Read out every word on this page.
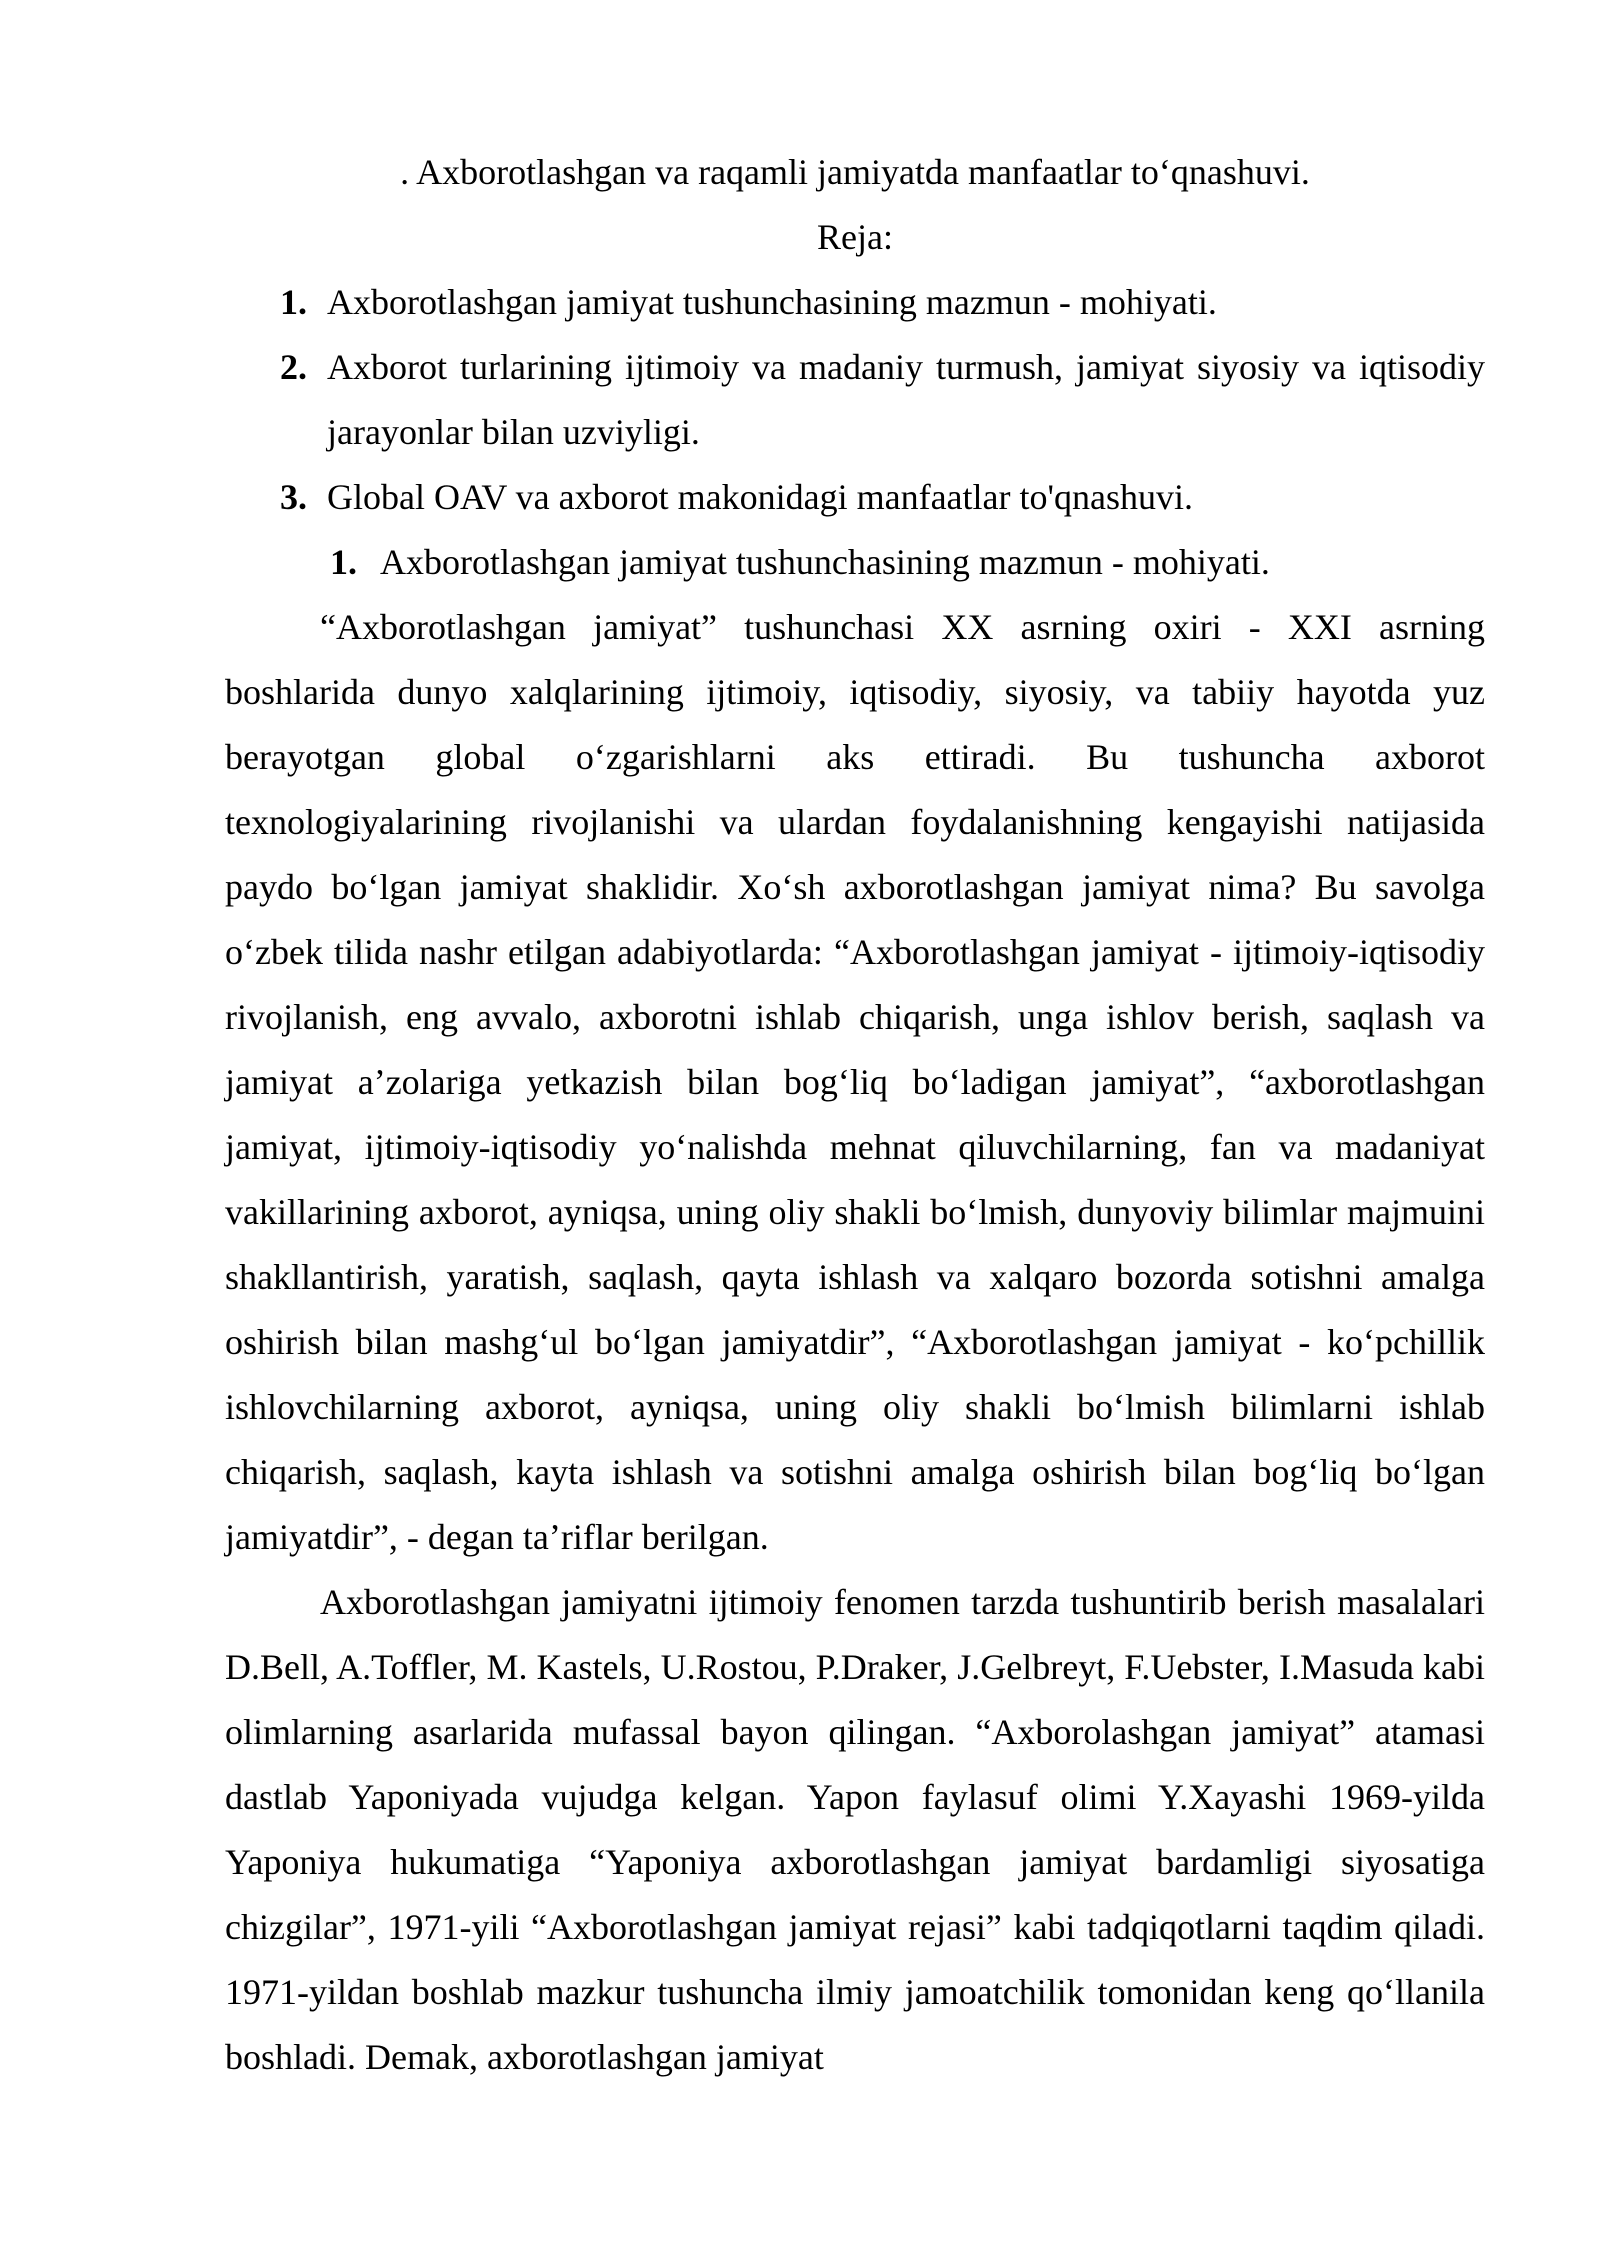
. Axborotlashgan va raqamli jamiyatda manfaatlar toʻqnashuvi.
Reja:
1. Axborotlashgan jamiyat tushunchasining mazmun - mohiyati.
2. Axborot turlarining ijtimoiy va madaniy turmush, jamiyat siyosiy va iqtisodiy jarayonlar bilan uzviyligi.
3. Global OAV va axborot makonidagi manfaatlar to'qnashuvi.
1. Axborotlashgan jamiyat tushunchasining mazmun - mohiyati.

“Axborotlashgan jamiyat” tushunchasi XX asrning oxiri - XXI asrning boshlarida dunyo xalqlarining ijtimoiy, iqtisodiy, siyosiy, va tabiiy hayotda yuz berayotgan global oʻzgarishlarni aks ettiradi. Bu tushuncha axborot texnologiyalarining rivojlanishi va ulardan foydalanishning kengayishi natijasida paydo boʻlgan jamiyat shaklidir. Xoʻsh axborotlashgan jamiyat nima? Bu savolga oʻzbek tilida nashr etilgan adabiyotlarda: “Axborotlashgan jamiyat - ijtimoiy-iqtisodiy rivojlanish, eng avvalo, axborotni ishlab chiqarish, unga ishlov berish, saqlash va jamiyat aʼzolariga yetkazish bilan bogʻliq boʻladigan jamiyat”, “axborotlashgan jamiyat, ijtimoiy-iqtisodiy yoʻnalishda mehnat qiluvchilarning, fan va madaniyat vakillarining axborot, ayniqsa, uning oliy shakli boʻlmish, dunyoviy bilimlar majmuini shakllantirish, yaratish, saqlash, qayta ishlash va xalqaro bozorda sotishni amalga oshirish bilan mashgʻul boʻlgan jamiyatdir”, “Axborotlashgan jamiyat - koʻpchillik ishlovchilarning axborot, ayniqsa, uning oliy shakli boʻlmish bilimlarni ishlab chiqarish, saqlash, kayta ishlash va sotishni amalga oshirish bilan bogʻliq boʻlgan jamiyatdir”, - degan taʼriflar berilgan.

Axborotlashgan jamiyatni ijtimoiy fenomen tarzda tushuntirib berish masalalari D.Bell, A.Toffler, M. Kastels, U.Rostou, P.Draker, J.Gelbreyt, F.Uebster, I.Masuda kabi olimlarning asarlarida mufassal bayon qilingan. “Axborolashgan jamiyat” atamasi dastlab Yaponiyada vujudga kelgan. Yapon faylasuf olimi Y.Xayashi 1969-yilda Yaponiya hukumatiga “Yaponiya axborotlashgan jamiyat bardamligi siyosatiga chizgilar”, 1971-yili “Axborotlashgan jamiyat rejasi” kabi tadqiqotlarni taqdim qiladi. 1971-yildan boshlab mazkur tushuncha ilmiy jamoatchilik tomonidan keng qoʻllanila boshladi. Demak, axborotlashgan jamiyat
